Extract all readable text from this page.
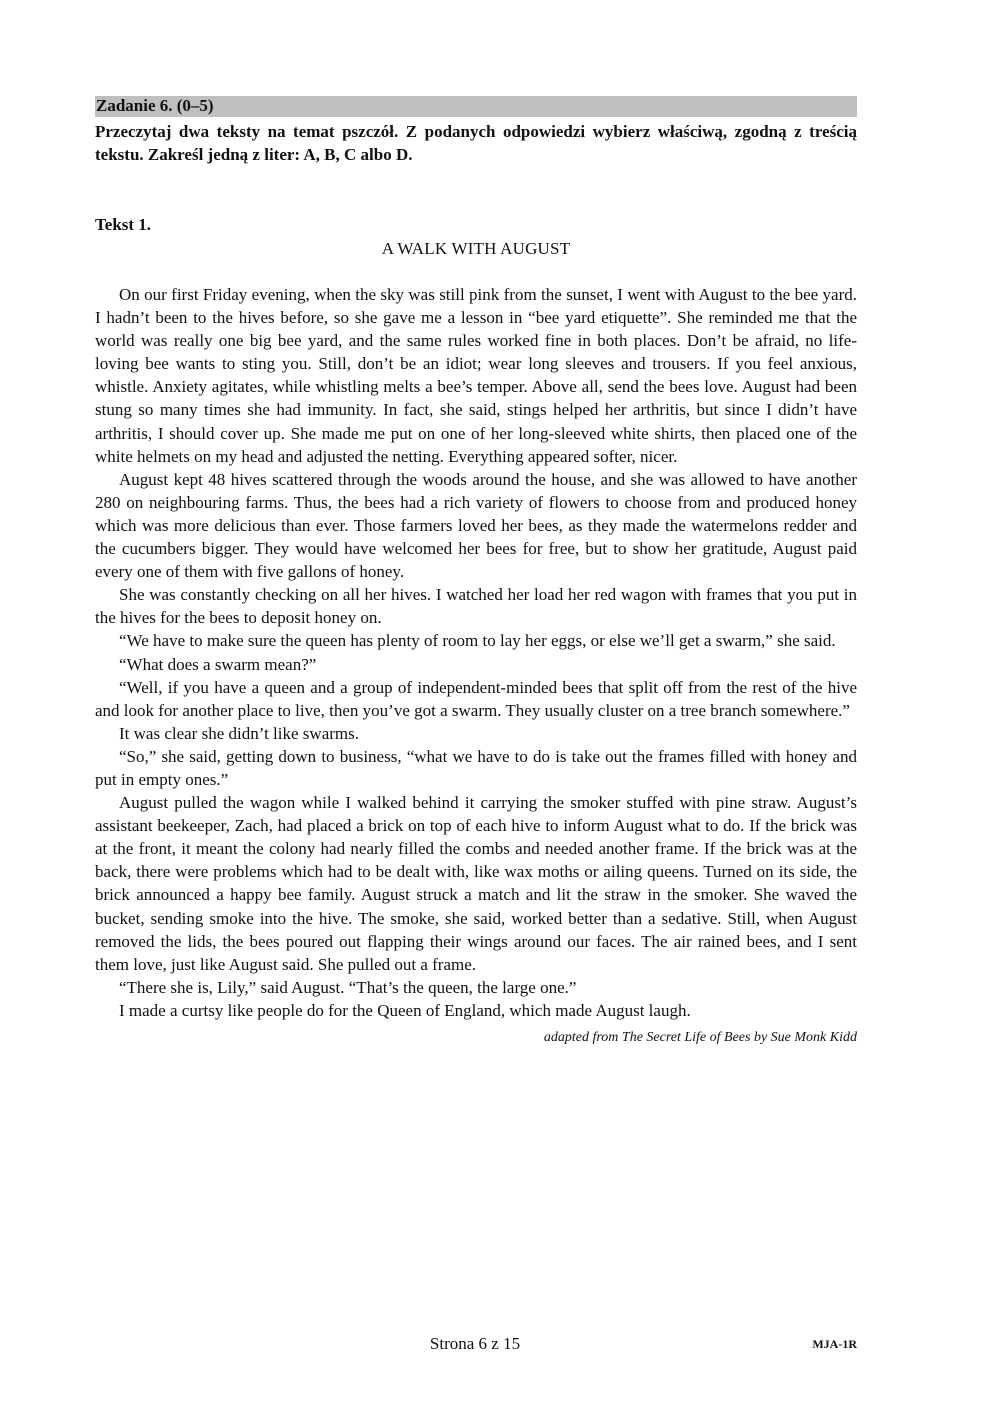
Zadanie 6. (0–5)
Przeczytaj dwa teksty na temat pszczół. Z podanych odpowiedzi wybierz właściwą, zgodną z treścią tekstu. Zakreśl jedną z liter: A, B, C albo D.
Tekst 1.
A WALK WITH AUGUST

On our first Friday evening, when the sky was still pink from the sunset, I went with August to the bee yard. I hadn’t been to the hives before, so she gave me a lesson in “bee yard etiquette”. She reminded me that the world was really one big bee yard, and the same rules worked fine in both places. Don’t be afraid, no life-loving bee wants to sting you. Still, don’t be an idiot; wear long sleeves and trousers. If you feel anxious, whistle. Anxiety agitates, while whistling melts a bee’s temper. Above all, send the bees love. August had been stung so many times she had immunity. In fact, she said, stings helped her arthritis, but since I didn’t have arthritis, I should cover up. She made me put on one of her long-sleeved white shirts, then placed one of the white helmets on my head and adjusted the netting. Everything appeared softer, nicer.

August kept 48 hives scattered through the woods around the house, and she was allowed to have another 280 on neighbouring farms. Thus, the bees had a rich variety of flowers to choose from and produced honey which was more delicious than ever. Those farmers loved her bees, as they made the watermelons redder and the cucumbers bigger. They would have welcomed her bees for free, but to show her gratitude, August paid every one of them with five gallons of honey.

She was constantly checking on all her hives. I watched her load her red wagon with frames that you put in the hives for the bees to deposit honey on.

“We have to make sure the queen has plenty of room to lay her eggs, or else we’ll get a swarm,” she said.

“What does a swarm mean?”

“Well, if you have a queen and a group of independent-minded bees that split off from the rest of the hive and look for another place to live, then you’ve got a swarm. They usually cluster on a tree branch somewhere.”

It was clear she didn’t like swarms.

“So,” she said, getting down to business, “what we have to do is take out the frames filled with honey and put in empty ones.”

August pulled the wagon while I walked behind it carrying the smoker stuffed with pine straw. August’s assistant beekeeper, Zach, had placed a brick on top of each hive to inform August what to do. If the brick was at the front, it meant the colony had nearly filled the combs and needed another frame. If the brick was at the back, there were problems which had to be dealt with, like wax moths or ailing queens. Turned on its side, the brick announced a happy bee family. August struck a match and lit the straw in the smoker. She waved the bucket, sending smoke into the hive. The smoke, she said, worked better than a sedative. Still, when August removed the lids, the bees poured out flapping their wings around our faces. The air rained bees, and I sent them love, just like August said. She pulled out a frame.

“There she is, Lily,” said August. “That’s the queen, the large one.”

I made a curtsy like people do for the Queen of England, which made August laugh.

adapted from The Secret Life of Bees by Sue Monk Kidd
Strona 6 z 15	MJA-1R
